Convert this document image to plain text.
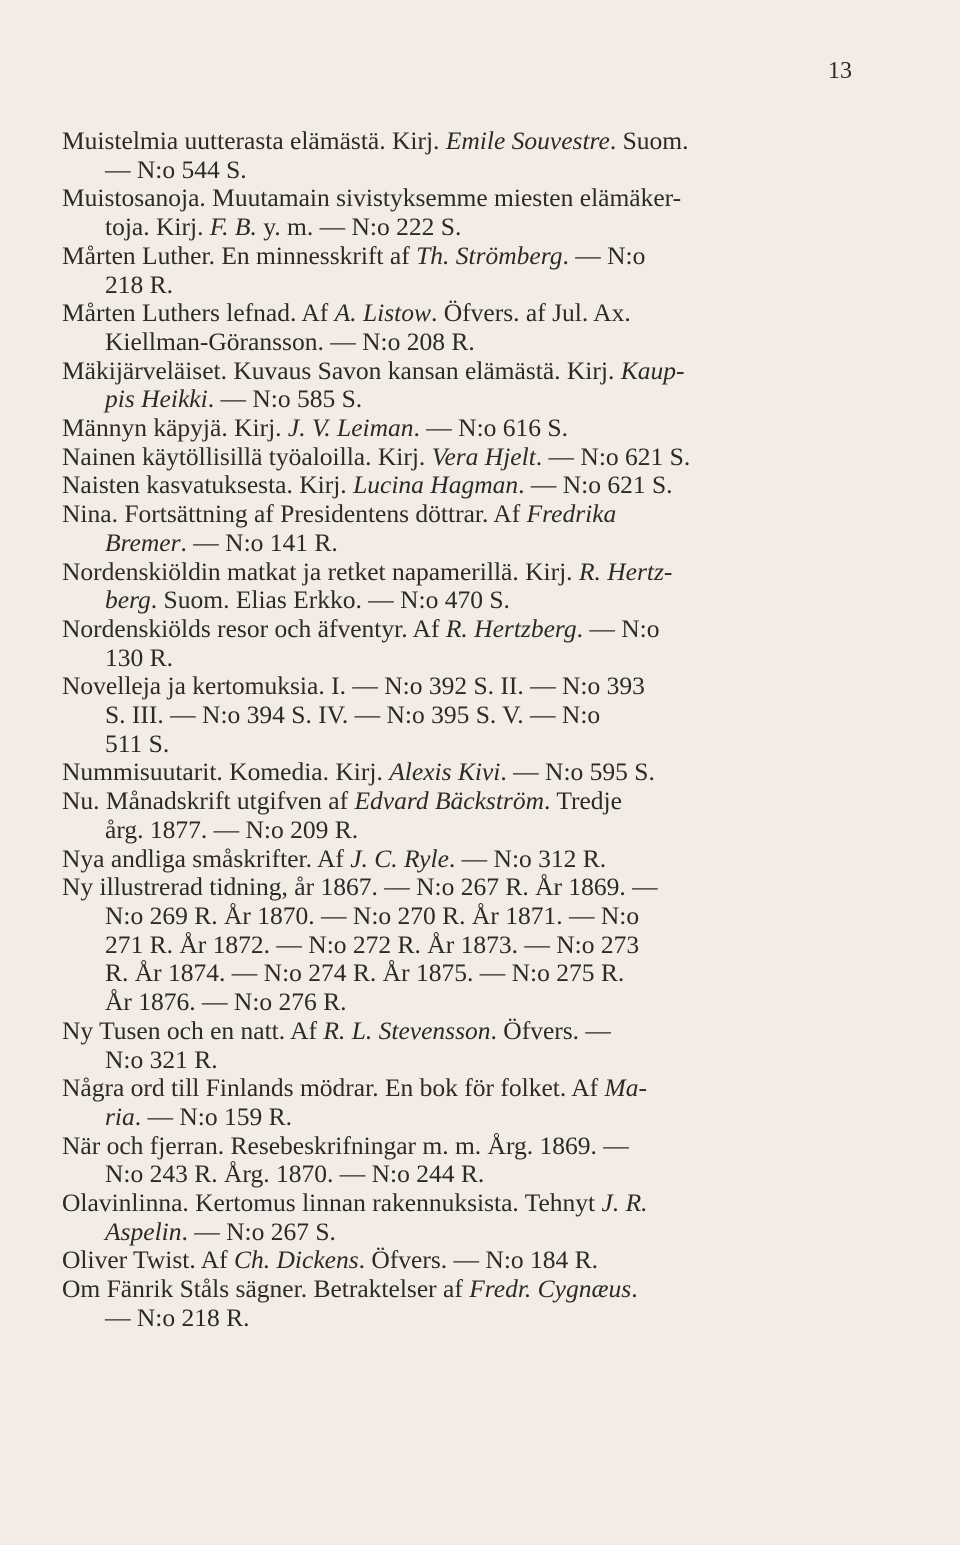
13
Muistelmia uutterasta elämästä. Kirj. Emile Souvestre. Suom.
— N:o 544 S.
Muistosanoja. Muutamain sivistyksemme miesten elämäker-
toja. Kirj. F. B. y. m. — N:o 222 S.
Mårten Luther. En minnesskrift af Th. Strömberg. — N:o
218 R.
Mårten Luthers lefnad. Af A. Listow. Öfvers. af Jul. Ax.
Kiellman-Göransson. — N:o 208 R.
Mäkijärveläiset. Kuvaus Savon kansan elämästä. Kirj. Kaup-
pis Heikki. — N:o 585 S.
Männyn käpyjä. Kirj. J. V. Leiman. — N:o 616 S.
Nainen käytöllisillä työaloilla. Kirj. Vera Hjelt. — N:o 621 S.
Naisten kasvatuksesta. Kirj. Lucina Hagman. — N:o 621 S.
Nina. Fortsättning af Presidentens döttrar. Af Fredrika
Bremer. — N:o 141 R.
Nordenskiöldin matkat ja retket napamerillä. Kirj. R. Hertz-
berg. Suom. Elias Erkko. — N:o 470 S.
Nordenskiölds resor och äfventyr. Af R. Hertzberg. — N:o
130 R.
Novelleja ja kertomuksia. I. — N:o 392 S. II. — N:o 393
S. III. — N:o 394 S. IV. — N:o 395 S. V. — N:o
511 S.
Nummisuutarit. Komedia. Kirj. Alexis Kivi. — N:o 595 S.
Nu. Månadskrift utgifven af Edvard Bäckström. Tredje
årg. 1877. — N:o 209 R.
Nya andliga småskrifter. Af J. C. Ryle. — N:o 312 R.
Ny illustrerad tidning, år 1867. — N:o 267 R. År 1869. —
N:o 269 R. År 1870. — N:o 270 R. År 1871. — N:o
271 R. År 1872. — N:o 272 R. År 1873. — N:o 273
R. År 1874. — N:o 274 R. År 1875. — N:o 275 R.
År 1876. — N:o 276 R.
Ny Tusen och en natt. Af R. L. Stevensson. Öfvers. —
N:o 321 R.
Några ord till Finlands mödrar. En bok för folket. Af Ma-
ria. — N:o 159 R.
När och fjerran. Resebeskrifningar m. m. Årg. 1869. —
N:o 243 R. Årg. 1870. — N:o 244 R.
Olavinlinna. Kertomus linnan rakennuksista. Tehnyt J. R.
Aspelin. — N:o 267 S.
Oliver Twist. Af Ch. Dickens. Öfvers. — N:o 184 R.
Om Fänrik Ståls sägner. Betraktelser af Fredr. Cygnæus.
— N:o 218 R.
